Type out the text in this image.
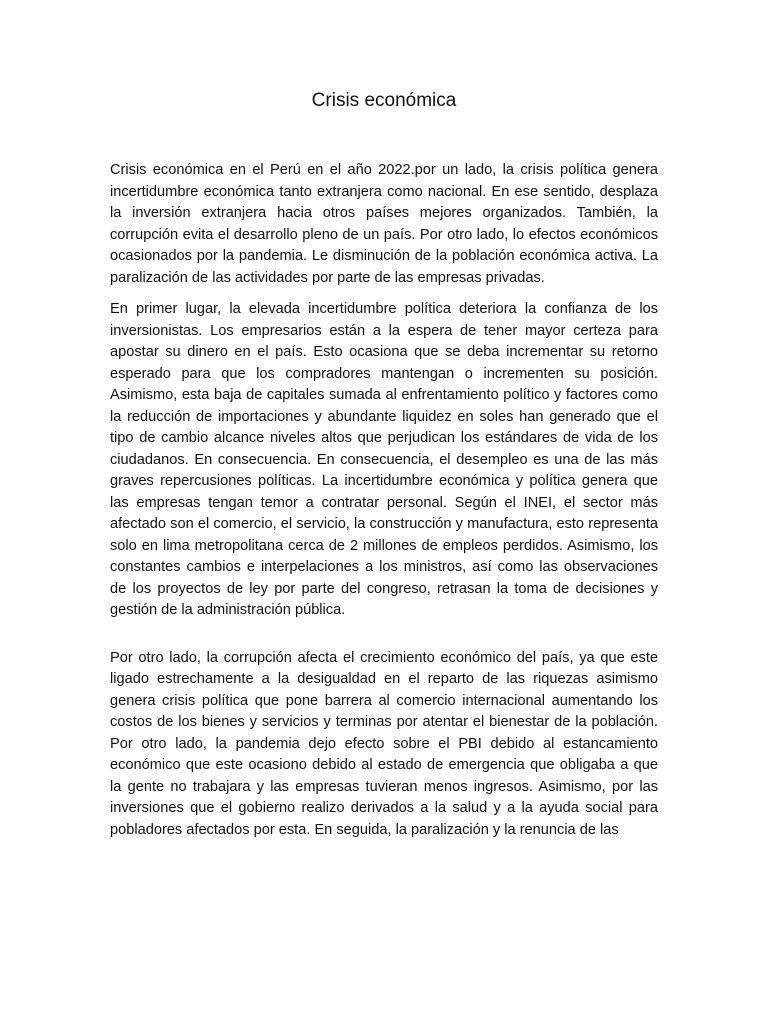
Crisis económica

Crisis económica en el Perú en el año 2022.por un lado, la crisis política genera incertidumbre económica tanto extranjera como nacional. En ese sentido, desplaza la inversión extranjera hacia otros países mejores organizados. También, la corrupción evita el desarrollo pleno de un país. Por otro lado, lo efectos económicos ocasionados por la pandemia. Le disminución de la población económica activa. La paralización de las actividades por parte de las empresas privadas.

En primer lugar, la elevada incertidumbre política deteriora la confianza de los inversionistas. Los empresarios están a la espera de tener mayor certeza para apostar su dinero en el país. Esto ocasiona que se deba incrementar su retorno esperado para que los compradores mantengan o incrementen su posición. Asimismo, esta baja de capitales sumada al enfrentamiento político y factores como la reducción de importaciones y abundante liquidez en soles han generado que el tipo de cambio alcance niveles altos que perjudican los estándares de vida de los ciudadanos. En consecuencia. En consecuencia, el desempleo es una de las más graves repercusiones políticas. La incertidumbre económica y política genera que las empresas tengan temor a contratar personal. Según el INEI, el sector más afectado son el comercio, el servicio, la construcción y manufactura, esto representa solo en lima metropolitana cerca de 2 millones de empleos perdidos. Asimismo, los constantes cambios e interpelaciones a los ministros, así como las observaciones de los proyectos de ley por parte del congreso, retrasan la toma de decisiones y gestión de la administración pública.

Por otro lado, la corrupción afecta el crecimiento económico del país, ya que este ligado estrechamente a la desigualdad en el reparto de las riquezas asimismo genera crisis política que pone barrera al comercio internacional aumentando los costos de los bienes y servicios y terminas por atentar el bienestar de la población. Por otro lado, la pandemia dejo efecto sobre el PBI debido al estancamiento económico que este ocasiono debido al estado de emergencia que obligaba a que la gente no trabajara y las empresas tuvieran menos ingresos. Asimismo, por las inversiones que el gobierno realizo derivados a la salud y a la ayuda social para pobladores afectados por esta. En seguida, la paralización y la renuncia de las
